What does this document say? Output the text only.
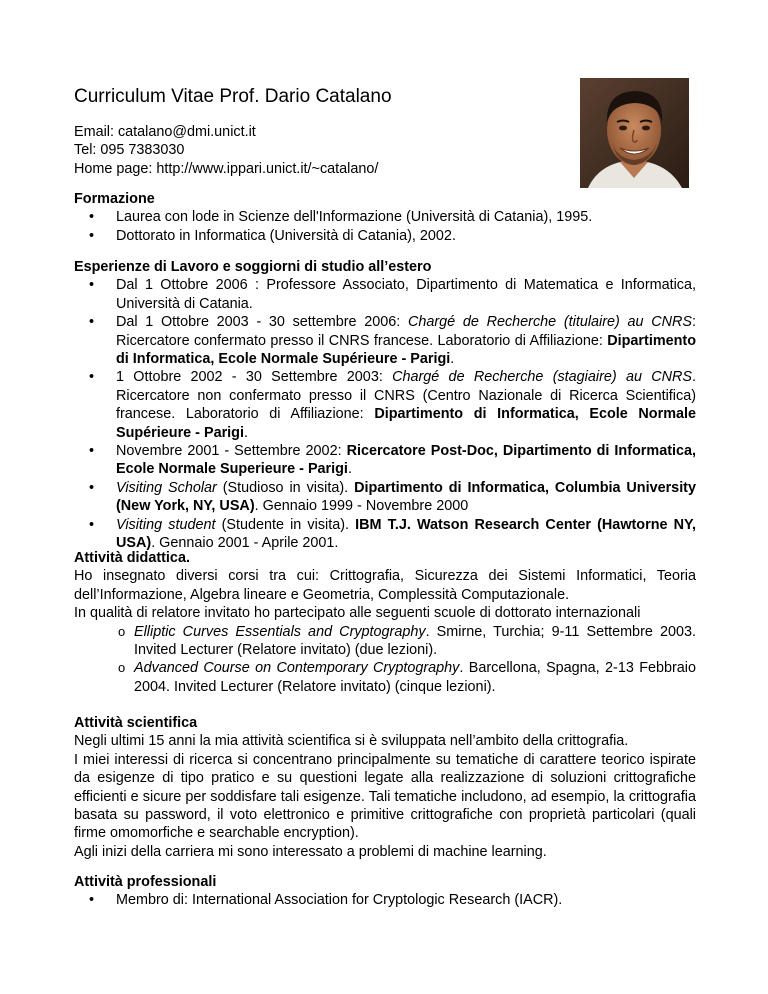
Curriculum Vitae Prof. Dario Catalano
Email: catalano@dmi.unict.it
Tel: 095 7383030
Home page: http://www.ippari.unict.it/~catalano/
Formazione
• Laurea con lode in Scienze dell'Informazione (Università di Catania), 1995.
• Dottorato in Informatica (Università di Catania), 2002.
Esperienze di Lavoro e soggiorni di studio all’estero
• Dal 1 Ottobre 2006 : Professore Associato, Dipartimento di Matematica e Informatica, Università di Catania.
• Dal 1 Ottobre 2003 - 30 settembre 2006: Chargé de Recherche (titulaire) au CNRS: Ricercatore confermato presso il CNRS francese. Laboratorio di Affiliazione: Dipartimento di Informatica, Ecole Normale Supérieure - Parigi.
• 1 Ottobre 2002 - 30 Settembre 2003: Chargé de Recherche (stagiaire) au CNRS. Ricercatore non confermato presso il CNRS (Centro Nazionale di Ricerca Scientifica) francese. Laboratorio di Affiliazione: Dipartimento di Informatica, Ecole Normale Supérieure - Parigi.
• Novembre 2001 - Settembre 2002: Ricercatore Post-Doc, Dipartimento di Informatica, Ecole Normale Superieure - Parigi.
• Visiting Scholar (Studioso in visita). Dipartimento di Informatica, Columbia University (New York, NY, USA). Gennaio 1999 - Novembre 2000
• Visiting student (Studente in visita). IBM T.J. Watson Research Center (Hawtorne NY, USA). Gennaio 2001 - Aprile 2001.
Attività didattica.
Ho insegnato diversi corsi tra cui: Crittografia, Sicurezza dei Sistemi Informatici, Teoria dell’Informazione, Algebra lineare e Geometria, Complessità Computazionale.
In qualità di relatore invitato ho partecipato alle seguenti scuole di dottorato internazionali
o Elliptic Curves Essentials and Cryptography. Smirne, Turchia; 9-11 Settembre 2003. Invited Lecturer (Relatore invitato) (due lezioni).
o Advanced Course on Contemporary Cryptography. Barcellona, Spagna, 2-13 Febbraio 2004. Invited Lecturer (Relatore invitato) (cinque lezioni).
Attività scientifica
Negli ultimi 15 anni la mia attività scientifica si è sviluppata nell’ambito della crittografia.
I miei interessi di ricerca si concentrano principalmente su tematiche di carattere teorico ispirate da esigenze di tipo pratico e su questioni legate alla realizzazione di soluzioni crittografiche efficienti e sicure per soddisfare tali esigenze. Tali tematiche includono, ad esempio, la crittografia basata su password, il voto elettronico e primitive crittografiche con proprietà particolari (quali firme omomorfiche e searchable encryption).
Agli inizi della carriera mi sono interessato a problemi di machine learning.
Attività professionali
• Membro di: International Association for Cryptologic Research (IACR).
